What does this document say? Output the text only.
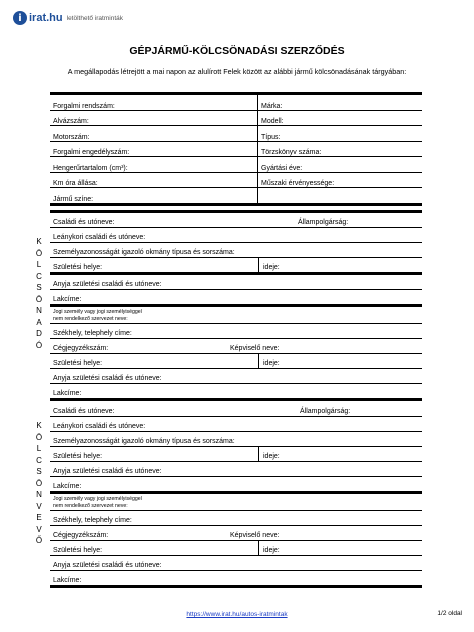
i irat.hu letölthető iratminták
GÉPJÁRMŰ-KÖLCSÖNADÁSI SZERZŐDÉS
A megállapodás létrejött a mai napon az alulírott Felek között az alábbi jármű kölcsönadásának tárgyában:
Forgalmi rendszám:	Márka:
Alvázszám:	Modell:
Motorszám:	Típus:
Forgalmi engedélyszám:	Törzskönyv száma:
Hengerűrtartalom (cm³):	Gyártási éve:
Km óra állása:	Műszaki érvényessége:
Jármű színe:	
K
Ö
L
C
S
Ö
N
A
D
Ó
Családi és utóneve:	Állampolgárság:
Leánykori családi és utóneve:
Személyazonosságát igazoló okmány típusa és sorszáma:
Születési helye:	ideje:
Anyja születési családi és utóneve:
Lakcíme:
Jogi személy vagy jogi személyiséggel
nem rendelkező szervezet neve:
Székhely, telephely címe:
Cégjegyzékszám:	Képviselő neve:
Születési helye:	ideje:
Anyja születési családi és utóneve:
Lakcíme:
K
Ö
L
C
S
Ö
N
V
E
V
Ő
Családi és utóneve:	Állampolgárság:
Leánykori családi és utóneve:
Személyazonosságát igazoló okmány típusa és sorszáma:
Születési helye:	ideje:
Anyja születési családi és utóneve:
Lakcíme:
Jogi személy vagy jogi személyiséggel
nem rendelkező szervezet neve:
Székhely, telephely címe:
Cégjegyzékszám:	Képviselő neve:
Születési helye:	ideje:
Anyja születési családi és utóneve:
Lakcíme:
https://www.irat.hu/autos-iratmintak	1/2 oldal
